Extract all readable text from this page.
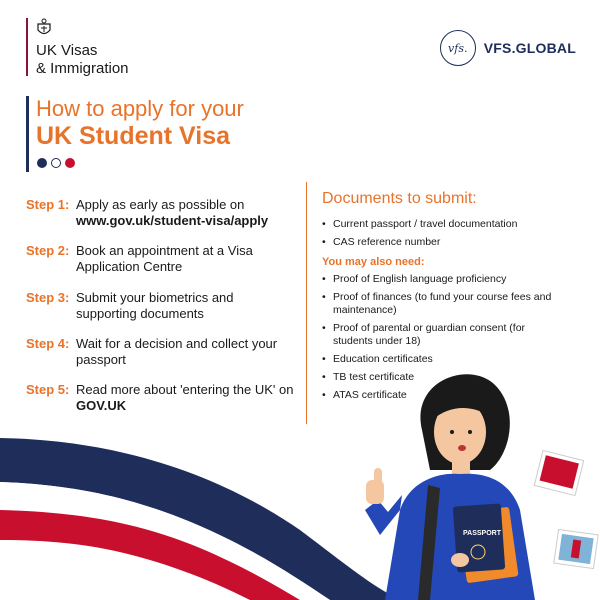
UK Visas
& Immigration
vfs.	VFS.GLOBAL
How to apply for your
UK Student Visa
Step 1: Apply as early as possible on
www.gov.uk/student-visa/apply
Step 2: Book an appointment at a Visa Application Centre
Step 3: Submit your biometrics and supporting documents
Step 4: Wait for a decision and collect your passport
Step 5: Read more about 'entering the UK' on GOV.UK
Documents to submit:
• Current passport / travel documentation
• CAS reference number
You may also need:
• Proof of English language proficiency
• Proof of finances (to fund your course fees and maintenance)
• Proof of parental or guardian consent (for students under 18)
• Education certificates
• TB test certificate
• ATAS certificate
PASSPORT
